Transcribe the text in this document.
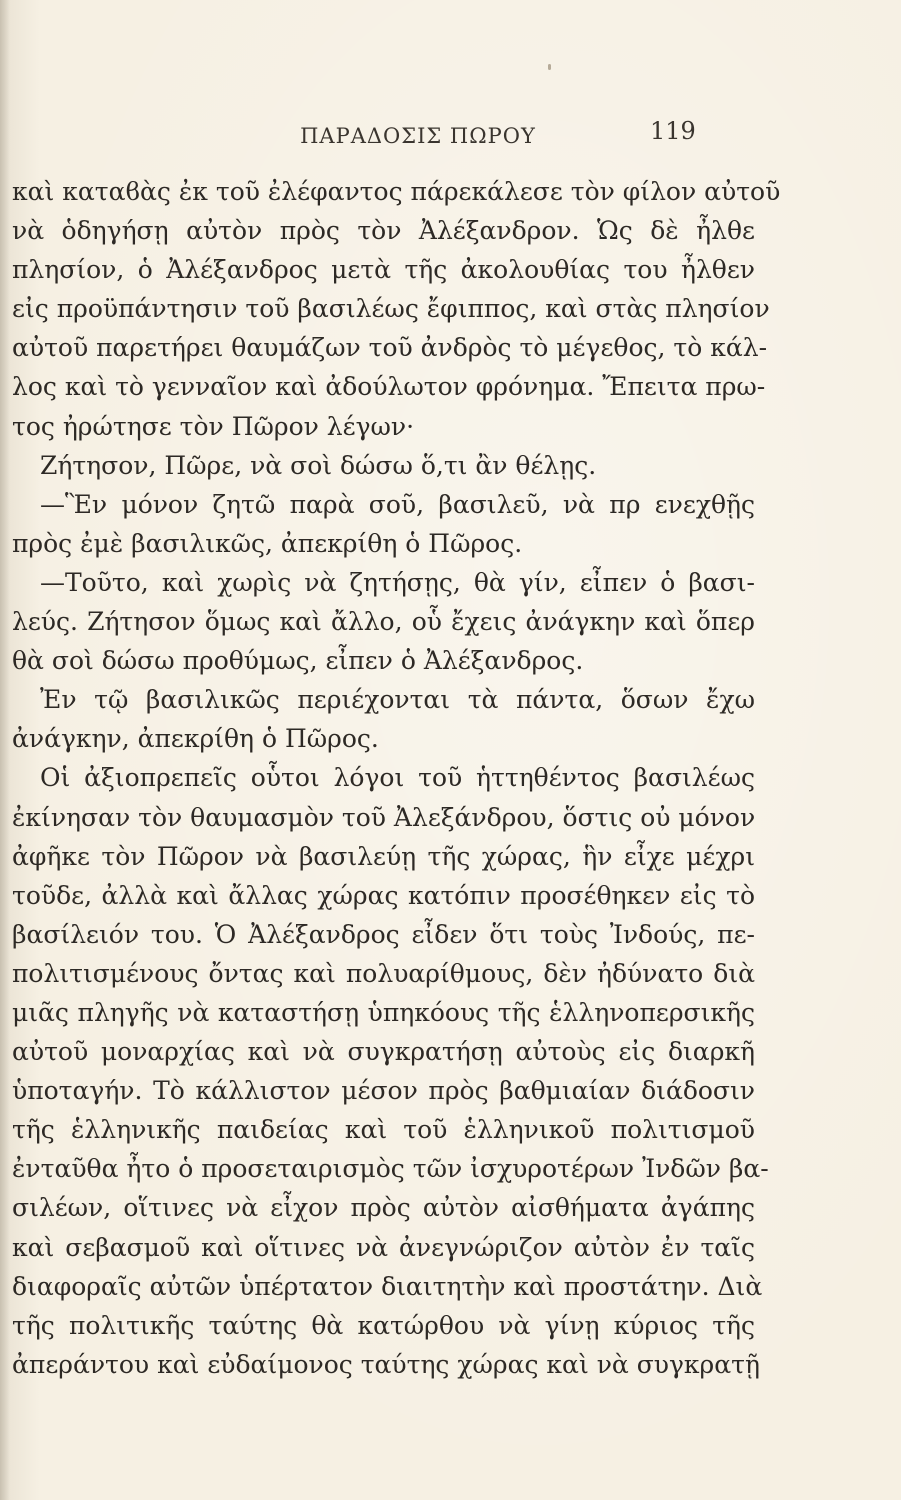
ΠΑΡΑΔΟΣΙΣ ΠΩΡΟΥ	119
καὶ καταϐὰς ἐκ τοῦ ἐλέφαντος πάρεκάλεσε τὸν φίλον αὐτοῦ
νὰ ὁδηγήσῃ αὐτὸν πρὸς τὸν Ἀλέξανδρον. Ὡς δὲ ἦλθε
πλησίον, ὁ Ἀλέξανδρος μετὰ τῆς ἀκολουθίας του ἦλθεν
εἰς προϋπάντησιν τοῦ βασιλέως ἔφιππος, καὶ στὰς πλησίον
αὐτοῦ παρετήρει θαυμάζων τοῦ ἀνδρὸς τὸ μέγεθος, τὸ κάλ-
λος καὶ τὸ γενναῖον καὶ ἀδούλωτον φρόνημα. Ἔπειτα πρω-
τος ἠρώτησε τὸν Πῶρον λέγων·
Ζήτησον, Πῶρε, νὰ σοὶ δώσω ὅ,τι ἂν θέλῃς.
—Ἓν μόνον ζητῶ παρὰ σοῦ, βασιλεῦ, νὰ πρ ενεχθῇς
πρὸς ἐμὲ βασιλικῶς, ἀπεκρίθη ὁ Πῶρος.
—Τοῦτο, καὶ χωρὶς νὰ ζητήσῃς, θὰ γίν, εἶπεν ὁ βασι-
λεύς. Ζήτησον ὅμως καὶ ἄλλο, οὗ ἔχεις ἀνάγκην καὶ ὅπερ
θὰ σοὶ δώσω προθύμως, εἶπεν ὁ Ἀλέξανδρος.
Ἐν τῷ βασιλικῶς περιέχονται τὰ πάντα, ὅσων ἔχω
ἀνάγκην, ἀπεκρίθη ὁ Πῶρος.
Οἱ ἀξιοπρεπεῖς οὗτοι λόγοι τοῦ ἡττηθέντος βασιλέως
ἐκίνησαν τὸν θαυμασμὸν τοῦ Ἀλεξάνδρου, ὅστις οὐ μόνον
ἀφῆκε τὸν Πῶρον νὰ βασιλεύῃ τῆς χώρας, ἣν εἶχε μέχρι
τοῦδε, ἀλλὰ καὶ ἄλλας χώρας κατόπιν προσέθηκεν εἰς τὸ
βασίλειόν του. Ὁ Ἀλέξανδρος εἶδεν ὅτι τοὺς Ἰνδούς, πε-
πολιτισμένους ὄντας καὶ πολυαρίθμους, δὲν ἠδύνατο διὰ
μιᾶς πληγῆς νὰ καταστήσῃ ὑπηκόους τῆς ἑλληνοπερσικῆς
αὐτοῦ μοναρχίας καὶ νὰ συγκρατήσῃ αὐτοὺς εἰς διαρκῆ
ὑποταγήν. Τὸ κάλλιστον μέσον πρὸς βαθμιαίαν διάδοσιν
τῆς ἑλληνικῆς παιδείας καὶ τοῦ ἑλληνικοῦ πολιτισμοῦ
ἐνταῦθα ἦτο ὁ προσεταιρισμὸς τῶν ἰσχυροτέρων Ἰνδῶν βα-
σιλέων, οἵτινες νὰ εἶχον πρὸς αὐτὸν αἰσθήματα ἀγάπης
καὶ σεβασμοῦ καὶ οἵτινες νὰ ἀνεγνώριζον αὐτὸν ἐν ταῖς
διαφοραῖς αὐτῶν ὑπέρτατον διαιτητὴν καὶ προστάτην. Διὰ
τῆς πολιτικῆς ταύτης θὰ κατώρθου νὰ γίνῃ κύριος τῆς
ἀπεράντου καὶ εὐδαίμονος ταύτης χώρας καὶ νὰ συγκρατῇ
